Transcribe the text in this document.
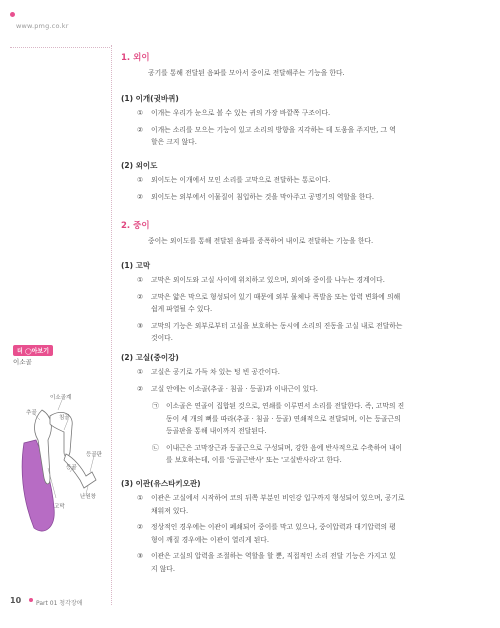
www.pmg.co.kr
1. 외이
공기를 통해 전달된 음파를 모아서 중이로 전달해주는 기능을 한다.
(1) 이개(귓바퀴)
① 이개는 우리가 눈으로 볼 수 있는 귀의 가장 바깥쪽 구조이다.
② 이개는 소리를 모으는 기능이 있고 소리의 방향을 지각하는 데 도움을 주지만, 그 역
할은 크지 않다.
(2) 외이도
① 외이도는 이개에서 모인 소리를 고막으로 전달하는 통로이다.
② 외이도는 외부에서 이물질이 침입하는 것을 막아주고 공명기의 역할을 한다.
2. 중이
중이는 외이도를 통해 전달된 음파를 증폭하여 내이로 전달하는 기능을 한다.
(1) 고막
① 고막은 외이도와 고실 사이에 위치하고 있으며, 외이와 중이를 나누는 경계이다.
② 고막은 얇은 막으로 형성되어 있기 때문에 외부 물체나 폭발음 또는 압력 변화에 의해
쉽게 파열될 수 있다.
③ 고막의 기능은 외부로부터 고실을 보호하는 동시에 소리의 진동을 고실 내로 전달하는
것이다.
(2) 고실(중이강)
① 고실은 공기로 가득 차 있는 텅 빈 공간이다.
② 고실 안에는 이소골(추골 · 침골 · 등골)과 이내근이 있다.
㉠ 이소골은 연골이 집합된 것으로, 연쇄를 이루면서 소리를 전달한다. 즉, 고막의 진
동이 세 개의 뼈를 따라(추골 · 침골 · 등골) 연쇄적으로 전달되며, 이는 등골근의
등골판을 통해 내이까지 전달된다.
㉡ 이내근은 고막장근과 등골근으로 구성되며, 강한 음에 반사적으로 수축하여 내이
를 보호하는데, 이를 '등골근반사' 또는 '고실반사라'고 한다.
(3) 이관(유스타키오관)
① 이관은 고실에서 시작하여 코의 뒤쪽 부분인 비인강 입구까지 형성되어 있으며, 공기로
채워져 있다.
② 정상적인 경우에는 이관이 폐쇄되어 중이를 막고 있으나, 중이압력과 대기압력의 평
형이 깨질 경우에는 이관이 열리게 된다.
③ 이관은 고실의 압력을 조절하는 역할을 할 뿐, 직접적인 소리 전달 기능은 가지고 있
지 않다.
더 ◯아보기
이소골
이소골계
추골
침골
등골판
등골
난원창
고막
10 Part 01 청각장애
